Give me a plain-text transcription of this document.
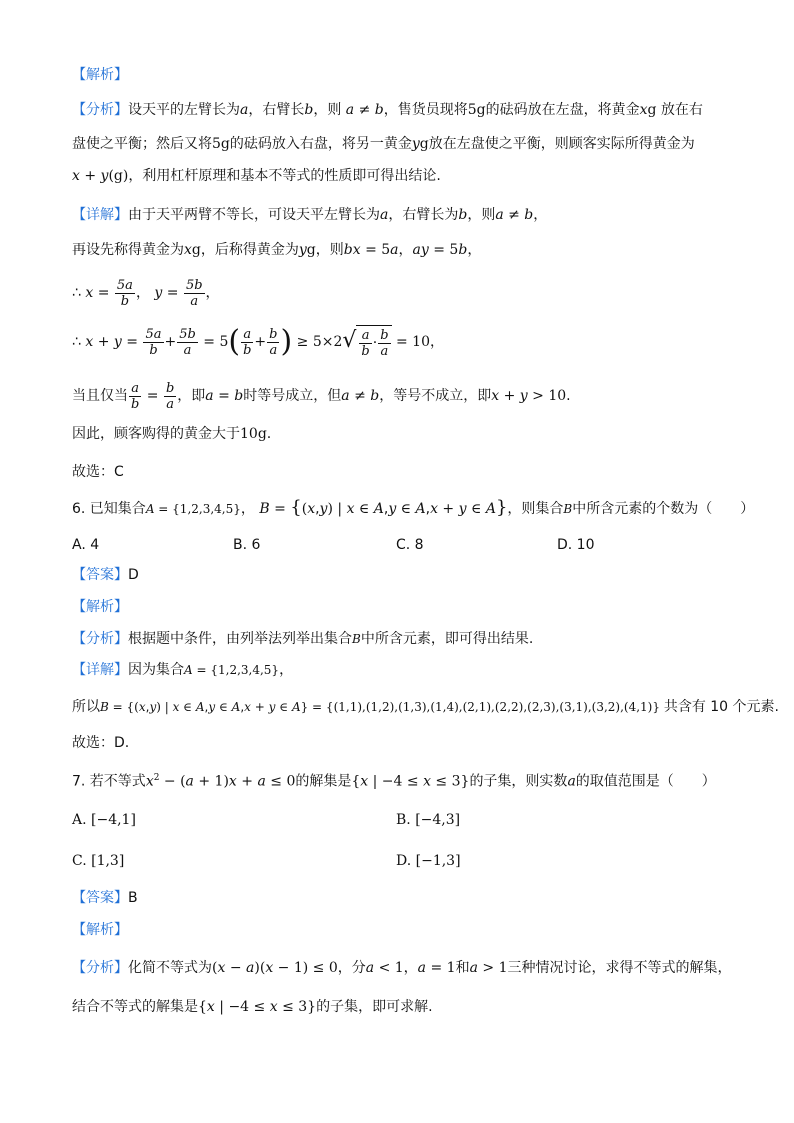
【解析】
【分析】设天平的左臂长为a，右臂长b，则 a ≠ b，售货员现将5g的砝码放在左盘，将黄金xg 放在右
盘使之平衡；然后又将5g的砝码放入右盘，将另一黄金yg放在左盘使之平衡，则顾客实际所得黄金为
x + y(g)，利用杠杆原理和基本不等式的性质即可得出结论.
【详解】由于天平两臂不等长，可设天平左臂长为a，右臂长为b，则a ≠ b，
再设先称得黄金为xg，后称得黄金为yg，则bx = 5a，ay = 5b，
∴ $x = \frac{5a}{b}$ ， $y = \frac{5b}{a}$ ，
∴ $x + y = \frac{5a}{b} + \frac{5b}{a} = 5( \frac{a}{b} + \frac{b}{a}$ ) ≥ $5\times 2√ \frac{a}{b} \cdot \frac{b}{a} = 10$，
当且仅当 $\frac{a}{b} = \frac{b}{a}$ ，即a = b时等号成立，但a ≠ b，等号不成立，即x + y > 10.
因此，顾客购得的黄金大于10g.
故选：C
6. 已知集合A = {1,2,3,4,5}， B = {(x,y) | x ∈ A,y ∈ A,x + y ∈ A}，则集合B中所含元素的个数为（　　）
A. 4	B. 6	C. 8	D. 10
【答案】D
【解析】
【分析】根据题中条件，由列举法列举出集合B中所含元素，即可得出结果.
【详解】因为集合A = {1,2,3,4,5}，
所以B = {(x,y) | x ∈ A,y ∈ A,x + y ∈ A} = {(1,1),(1,2),(1,3),(1,4),(2,1),(2,2),(2,3),(3,1),(3,2),(4,1)} 共含有 10 个元素.
故选：D.
7. 若不等式$x^2 - (a + 1)x + a \le 0$的解集是{x | −4 ≤ x ≤ 3}的子集，则实数a的取值范围是（　　）
A. [−4,1]	B. [−4,3]
C. [1,3]	D. [−1,3]
【答案】B
【解析】
【分析】化简不等式为(x − a)(x − 1) ≤ 0，分a < 1，a = 1和a > 1三种情况讨论，求得不等式的解集，
结合不等式的解集是{x | −4 ≤ x ≤ 3}的子集，即可求解.
